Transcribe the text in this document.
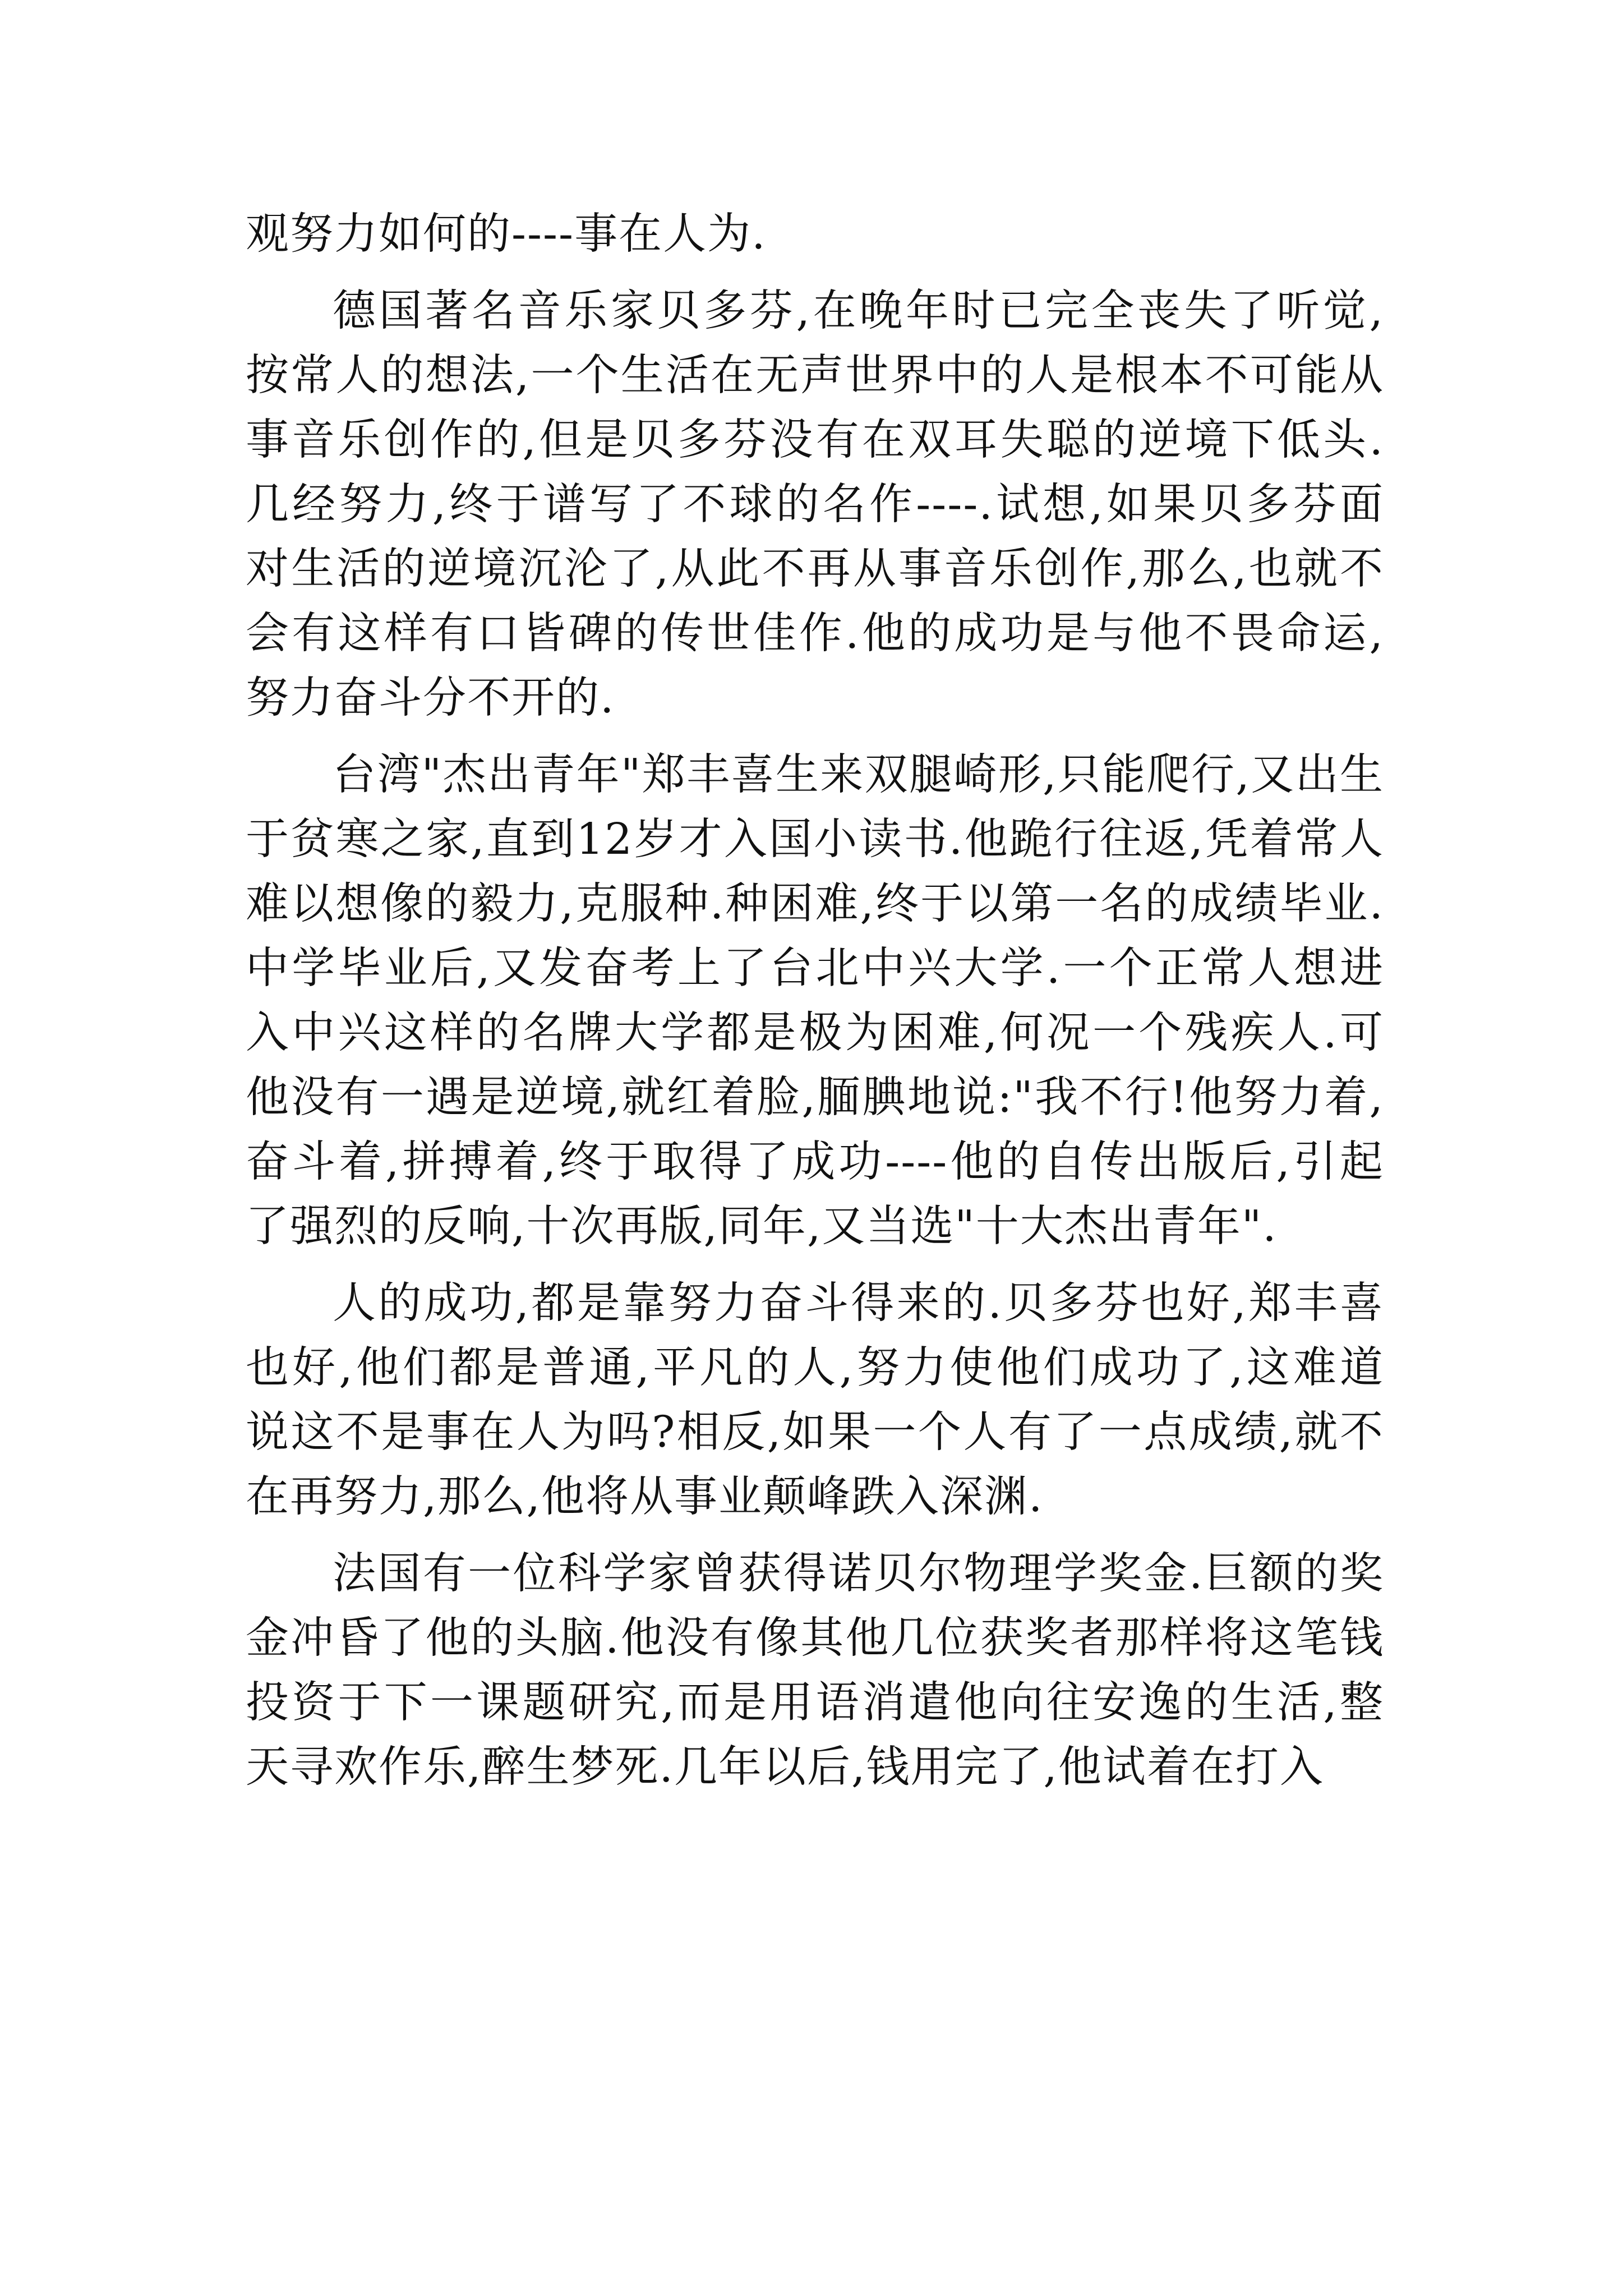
观努力如何的----事在人为.
德国著名音乐家贝多芬,在晚年时已完全丧失了听觉,
按常人的想法,一个生活在无声世界中的人是根本不可能从
事音乐创作的,但是贝多芬没有在双耳失聪的逆境下低头.
几经努力,终于谱写了不球的名作----.试想,如果贝多芬面
对生活的逆境沉沦了,从此不再从事音乐创作,那么,也就不
会有这样有口皆碑的传世佳作.他的成功是与他不畏命运,
努力奋斗分不开的.
台湾"杰出青年"郑丰喜生来双腿崎形,只能爬行,又出生
于贫寒之家,直到12岁才入国小读书.他跪行往返,凭着常人
难以想像的毅力,克服种.种困难,终于以第一名的成绩毕业.
中学毕业后,又发奋考上了台北中兴大学.一个正常人想进
入中兴这样的名牌大学都是极为困难,何况一个残疾人.可
他没有一遇是逆境,就红着脸,腼腆地说:"我不行!他努力着,
奋斗着,拼搏着,终于取得了成功----他的自传出版后,引起
了强烈的反响,十次再版,同年,又当选"十大杰出青年".
人的成功,都是靠努力奋斗得来的.贝多芬也好,郑丰喜
也好,他们都是普通,平凡的人,努力使他们成功了,这难道
说这不是事在人为吗?相反,如果一个人有了一点成绩,就不
在再努力,那么,他将从事业颠峰跌入深渊.
法国有一位科学家曾获得诺贝尔物理学奖金.巨额的奖
金冲昏了他的头脑.他没有像其他几位获奖者那样将这笔钱
投资于下一课题研究,而是用语消遣他向往安逸的生活,整
天寻欢作乐,醉生梦死.几年以后,钱用完了,他试着在打入
